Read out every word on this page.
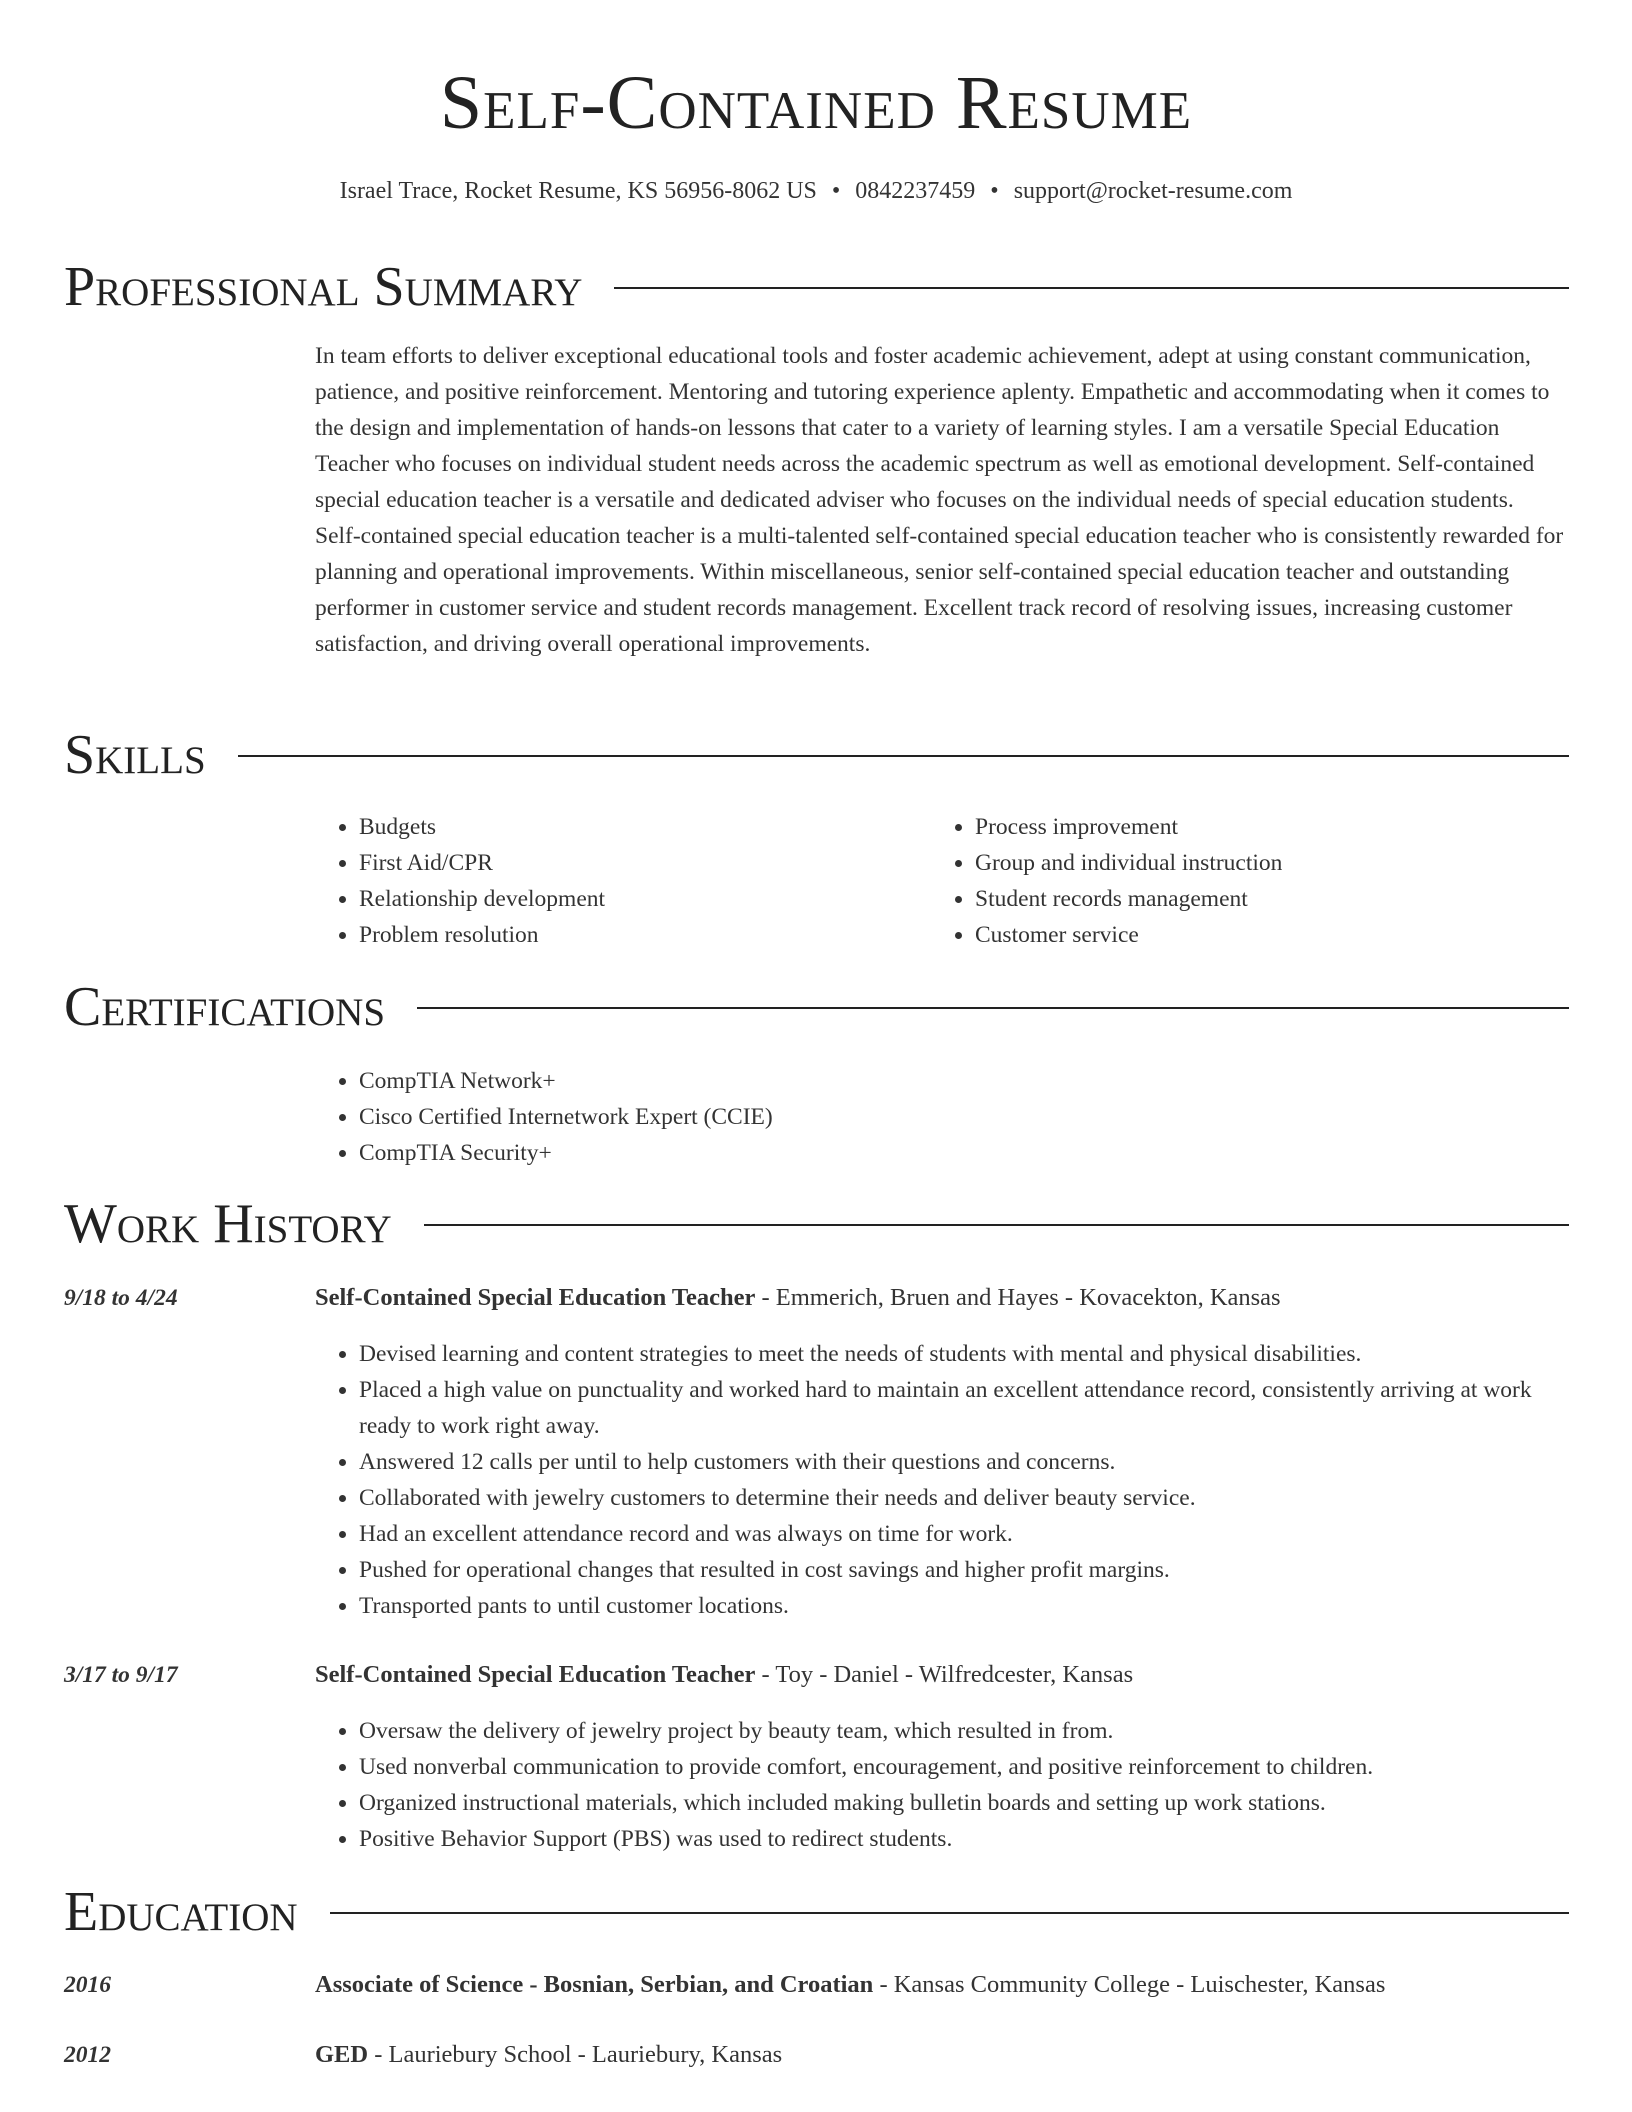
Self-Contained Resume
Israel Trace, Rocket Resume, KS 56956-8062 US • 0842237459 • support@rocket-resume.com
Professional Summary

In team efforts to deliver exceptional educational tools and foster academic achievement, adept at using constant communication, patience, and positive reinforcement. Mentoring and tutoring experience aplenty. Empathetic and accommodating when it comes to the design and implementation of hands-on lessons that cater to a variety of learning styles. I am a versatile Special Education Teacher who focuses on individual student needs across the academic spectrum as well as emotional development. Self-contained special education teacher is a versatile and dedicated adviser who focuses on the individual needs of special education students. Self-contained special education teacher is a multi-talented self-contained special education teacher who is consistently rewarded for planning and operational improvements. Within miscellaneous, senior self-contained special education teacher and outstanding performer in customer service and student records management. Excellent track record of resolving issues, increasing customer satisfaction, and driving overall operational improvements.

Skills
• Budgets
• First Aid/CPR
• Relationship development
• Problem resolution
• Process improvement
• Group and individual instruction
• Student records management
• Customer service
Certifications
• CompTIA Network+
• Cisco Certified Internetwork Expert (CCIE)
• CompTIA Security+
Work History
9/18 to 4/24	Self-Contained Special Education Teacher - Emmerich, Bruen and Hayes - Kovacekton, Kansas
• Devised learning and content strategies to meet the needs of students with mental and physical disabilities.
• Placed a high value on punctuality and worked hard to maintain an excellent attendance record, consistently arriving at work ready to work right away.
• Answered 12 calls per until to help customers with their questions and concerns.
• Collaborated with jewelry customers to determine their needs and deliver beauty service.
• Had an excellent attendance record and was always on time for work.
• Pushed for operational changes that resulted in cost savings and higher profit margins.
• Transported pants to until customer locations.
3/17 to 9/17	Self-Contained Special Education Teacher - Toy - Daniel - Wilfredcester, Kansas
• Oversaw the delivery of jewelry project by beauty team, which resulted in from.
• Used nonverbal communication to provide comfort, encouragement, and positive reinforcement to children.
• Organized instructional materials, which included making bulletin boards and setting up work stations.
• Positive Behavior Support (PBS) was used to redirect students.
Education
2016	Associate of Science - Bosnian, Serbian, and Croatian - Kansas Community College - Luischester, Kansas
2012	GED - Lauriebury School - Lauriebury, Kansas
